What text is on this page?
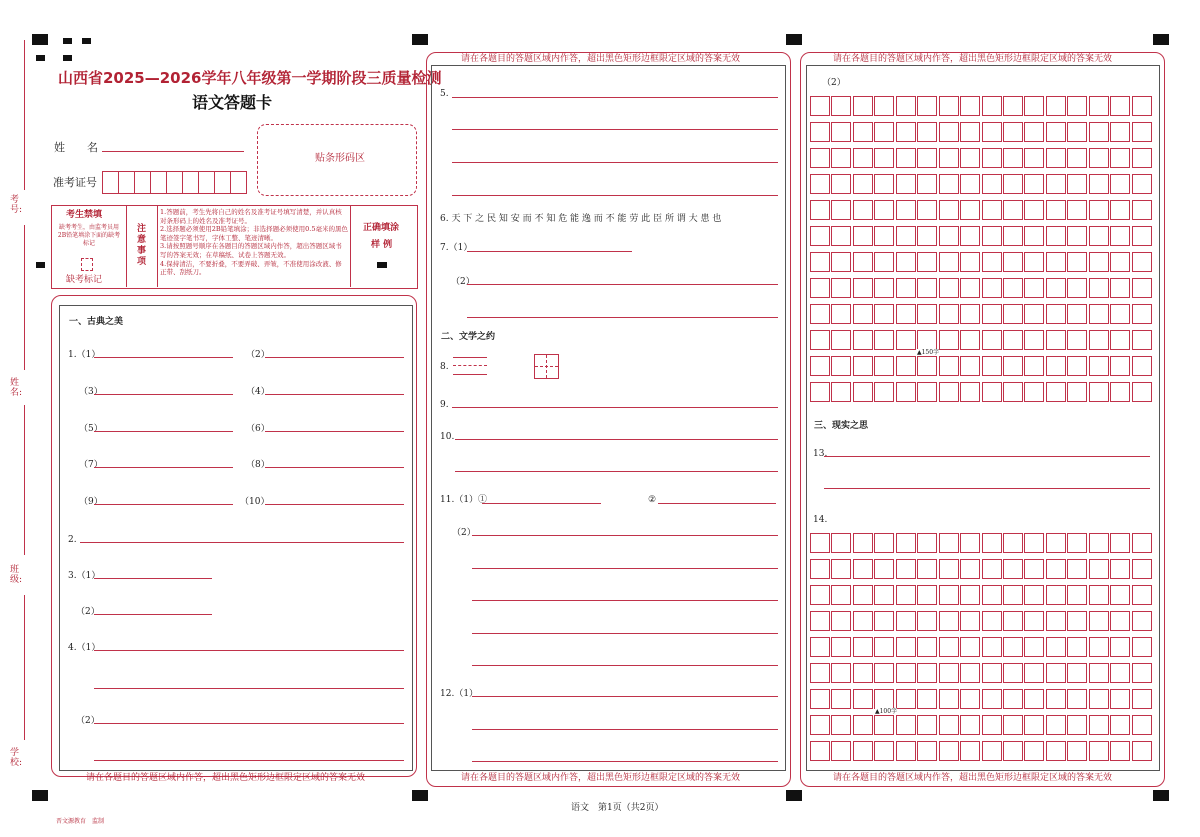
考号:
姓名:
班级:
学校:
山西省2025—2026学年八年级第一学期阶段三质量检测
语文答题卡
姓　　名
准考证号
贴条形码区
考生禁填
缺考考生，由监考员用2B铅笔填涂下面的缺考标记
缺考标记
注意事项
1.答题前，考生先将自己的姓名及准考证号填写清楚，并认真核对条形码上的姓名及准考证号。
2.选择题必须使用2B铅笔填涂；非选择题必须使用0.5毫米的黑色笔迹签字笔书写，字体工整、笔迹清晰。
3.请按照题号顺序在各题目的答题区域内作答，超出答题区域书写的答案无效；在草稿纸、试卷上答题无效。
4.保持清洁，不要折叠，不要弄破、弄皱，不准使用涂改液、修正带、刮纸刀。
正确填涂
样 例
请在各题目的答题区域内作答，超出黑色矩形边框限定区域的答案无效
一、古典之美
1.（1）	（2）
（3）	（4）
（5）	（6）
（7）	（8）
（9）	（10）
2.
3.（1）
（2）
4.（1）
（2）
请在各题目的答题区域内作答，超出黑色矩形边框限定区域的答案无效
请在各题目的答题区域内作答，超出黑色矩形边框限定区域的答案无效
5.
6. 天 下 之 民 知 安 而 不 知 危 能 逸 而 不 能 劳 此 臣 所 谓 大 患 也
7.（1）
（2）
二、文学之约
8.
9.
10.
11.（1）①	②
（2）
12.（1）
请在各题目的答题区域内作答，超出黑色矩形边框限定区域的答案无效
请在各题目的答题区域内作答，超出黑色矩形边框限定区域的答案无效
（2）
▲150字
三、现实之思
13.
14.
▲100字
语文　第1页（共2页）
晋文源教育　监制
